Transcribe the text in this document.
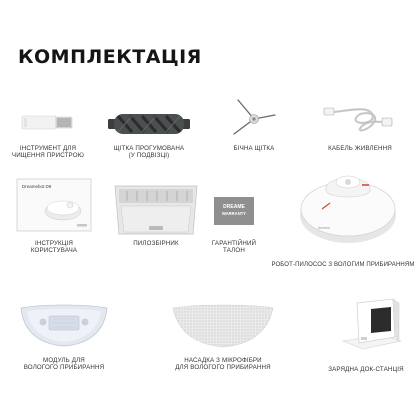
КОМПЛЕКТАЦІЯ
ІНСТРУМЕНТ ДЛЯ
ЧИЩЕННЯ ПРИСТРОЮ
ЩІТКА ПРОГУМОВАНА
(У ПОДВІЗЦІ)
БІЧНА ЩІТКА	КАБЕЛЬ ЖИВЛЕННЯ
Dreamebot D9
ІНСТРУКЦІЯ
КОРИСТУВАЧА
ПИЛОЗБІРНИК
DREAME
WARRANTY
ГАРАНТІЙНИЙ
ТАЛОН
dreame
РОБОТ-ПИЛОСОС З ВОЛОГИМ ПРИБИРАННЯМ
МОДУЛЬ ДЛЯ
ВОЛОГОГО ПРИБИРАННЯ
НАСАДКА З МІКРОФІБРИ
ДЛЯ ВОЛОГОГО ПРИБИРАННЯ	ЗАРЯДНА ДОК-СТАНЦІЯ
